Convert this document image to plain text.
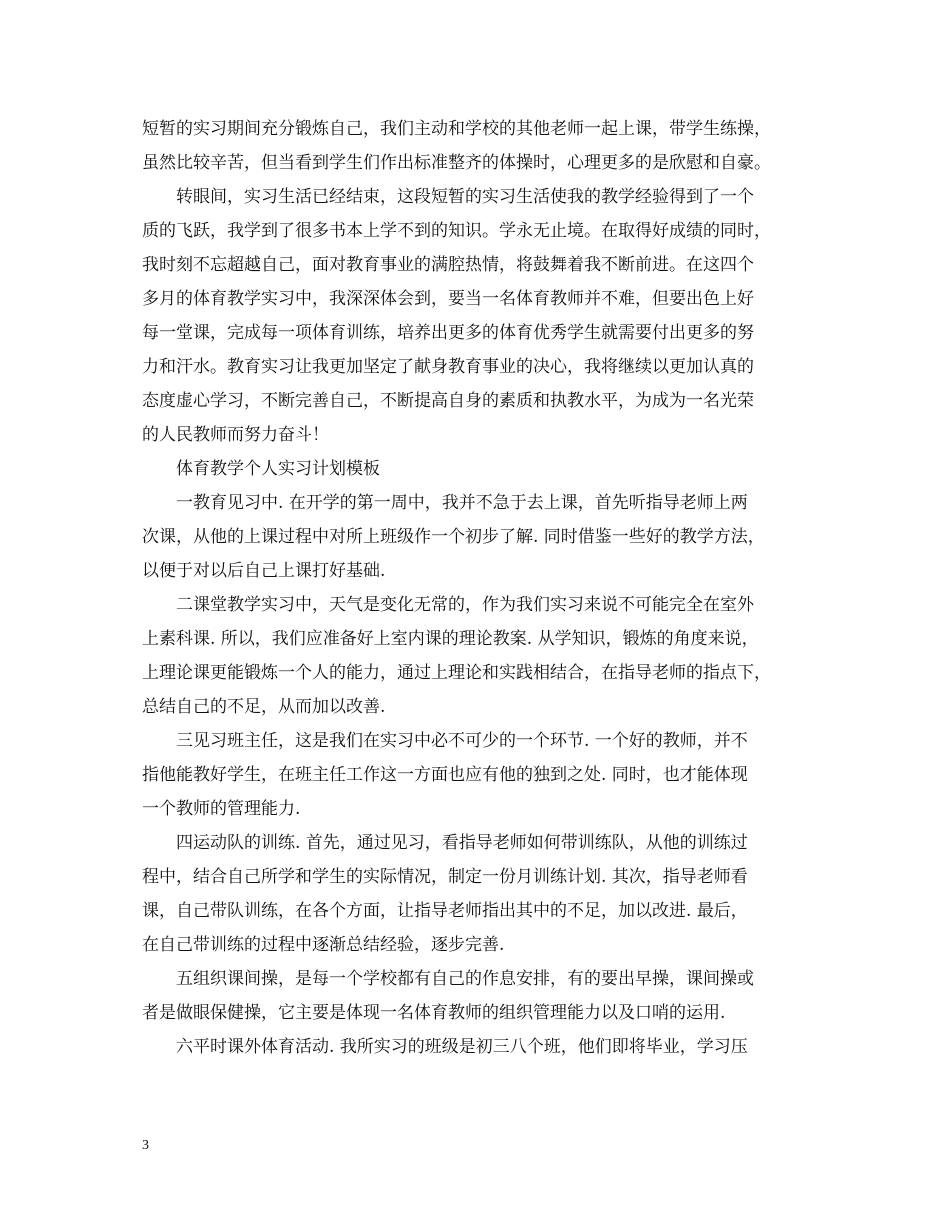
短暂的实习期间充分锻炼自己，我们主动和学校的其他老师一起上课，带学生练操，
虽然比较辛苦，但当看到学生们作出标准整齐的体操时，心理更多的是欣慰和自豪。
转眼间，实习生活已经结束，这段短暂的实习生活使我的教学经验得到了一个
质的飞跃，我学到了很多书本上学不到的知识。学永无止境。在取得好成绩的同时，
我时刻不忘超越自己，面对教育事业的满腔热情，将鼓舞着我不断前进。在这四个
多月的体育教学实习中，我深深体会到，要当一名体育教师并不难，但要出色上好
每一堂课，完成每一项体育训练，培养出更多的体育优秀学生就需要付出更多的努
力和汗水。教育实习让我更加坚定了献身教育事业的决心，我将继续以更加认真的
态度虚心学习，不断完善自己，不断提高自身的素质和执教水平，为成为一名光荣
的人民教师而努力奋斗！
体育教学个人实习计划模板
一教育见习中. 在开学的第一周中，我并不急于去上课，首先听指导老师上两
次课，从他的上课过程中对所上班级作一个初步了解. 同时借鉴一些好的教学方法，
以便于对以后自己上课打好基础.
二课堂教学实习中，天气是变化无常的，作为我们实习来说不可能完全在室外
上素科课. 所以，我们应准备好上室内课的理论教案. 从学知识，锻炼的角度来说，
上理论课更能锻炼一个人的能力，通过上理论和实践相结合，在指导老师的指点下，
总结自己的不足，从而加以改善.
三见习班主任，这是我们在实习中必不可少的一个环节. 一个好的教师，并不
指他能教好学生，在班主任工作这一方面也应有他的独到之处. 同时，也才能体现
一个教师的管理能力.
四运动队的训练. 首先，通过见习，看指导老师如何带训练队，从他的训练过
程中，结合自己所学和学生的实际情况，制定一份月训练计划. 其次，指导老师看
课，自己带队训练，在各个方面，让指导老师指出其中的不足，加以改进. 最后，
在自己带训练的过程中逐渐总结经验，逐步完善.
五组织课间操，是每一个学校都有自己的作息安排，有的要出早操，课间操或
者是做眼保健操，它主要是体现一名体育教师的组织管理能力以及口哨的运用.
六平时课外体育活动. 我所实习的班级是初三八个班，他们即将毕业，学习压
3
